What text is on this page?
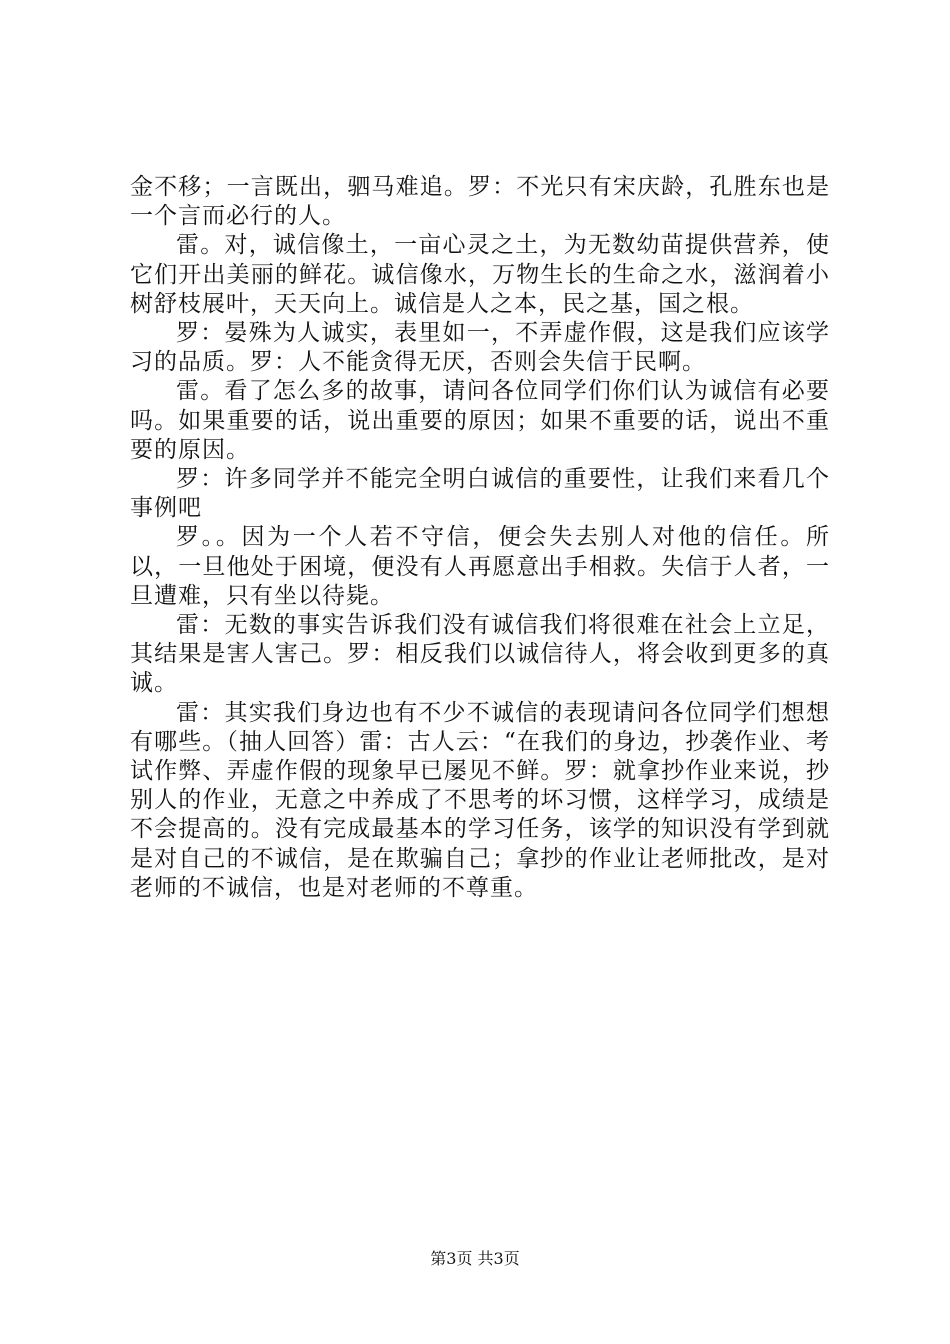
金不移；一言既出，驷马难追。罗：不光只有宋庆龄，孔胜东也是一个言而必行的人。

雷。对，诚信像土，一亩心灵之土，为无数幼苗提供营养，使它们开出美丽的鲜花。诚信像水，万物生长的生命之水，滋润着小树舒枝展叶，天天向上。诚信是人之本，民之基，国之根。

罗：晏殊为人诚实，表里如一，不弄虚作假，这是我们应该学习的品质。罗：人不能贪得无厌，否则会失信于民啊。

雷。看了怎么多的故事，请问各位同学们你们认为诚信有必要吗。如果重要的话，说出重要的原因；如果不重要的话，说出不重要的原因。

罗：许多同学并不能完全明白诚信的重要性，让我们来看几个事例吧

罗。。因为一个人若不守信，便会失去别人对他的信任。所以，一旦他处于困境，便没有人再愿意出手相救。失信于人者，一旦遭难，只有坐以待毙。

雷：无数的事实告诉我们没有诚信我们将很难在社会上立足，其结果是害人害己。罗：相反我们以诚信待人，将会收到更多的真诚。

雷：其实我们身边也有不少不诚信的表现请问各位同学们想想有哪些。（抽人回答）雷：古人云：“在我们的身边，抄袭作业、考试作弊、弄虚作假的现象早已屡见不鲜。罗：就拿抄作业来说，抄别人的作业，无意之中养成了不思考的坏习惯，这样学习，成绩是不会提高的。没有完成最基本的学习任务，该学的知识没有学到就是对自己的不诚信，是在欺骗自己；拿抄的作业让老师批改，是对老师的不诚信，也是对老师的不尊重。

第3页 共3页
